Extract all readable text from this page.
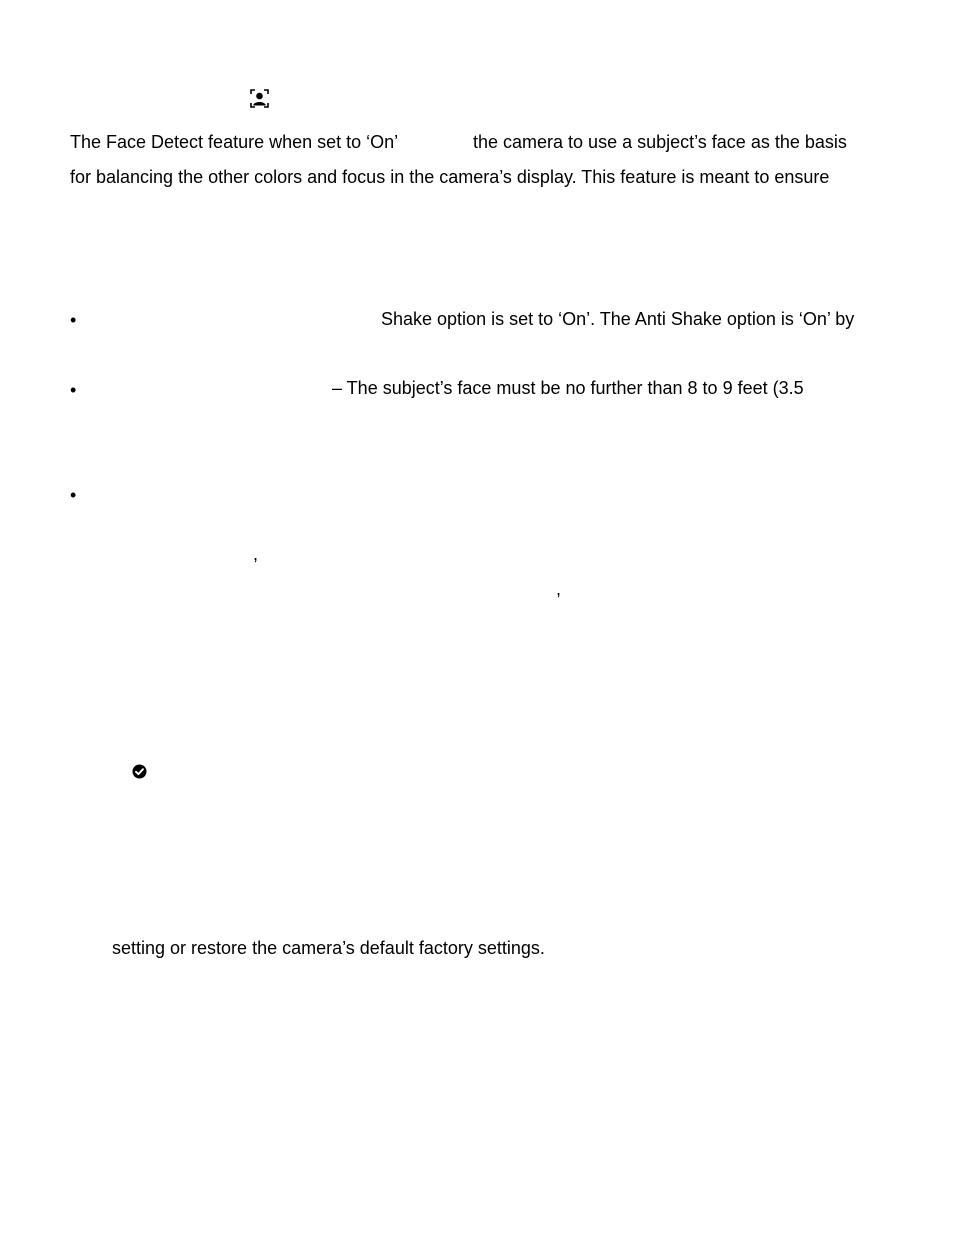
The Face Detect feature when set to ‘On’	the camera to use a subject’s face as the basis

for balancing the other colors and focus in the camera’s display. This feature is meant to ensure

•	Shake option is set to ‘On’. The Anti Shake option is ‘On’ by

•	– The subject’s face must be no further than 8 to 9 feet (3.5

•
,
,

setting or restore the camera’s default factory settings.
